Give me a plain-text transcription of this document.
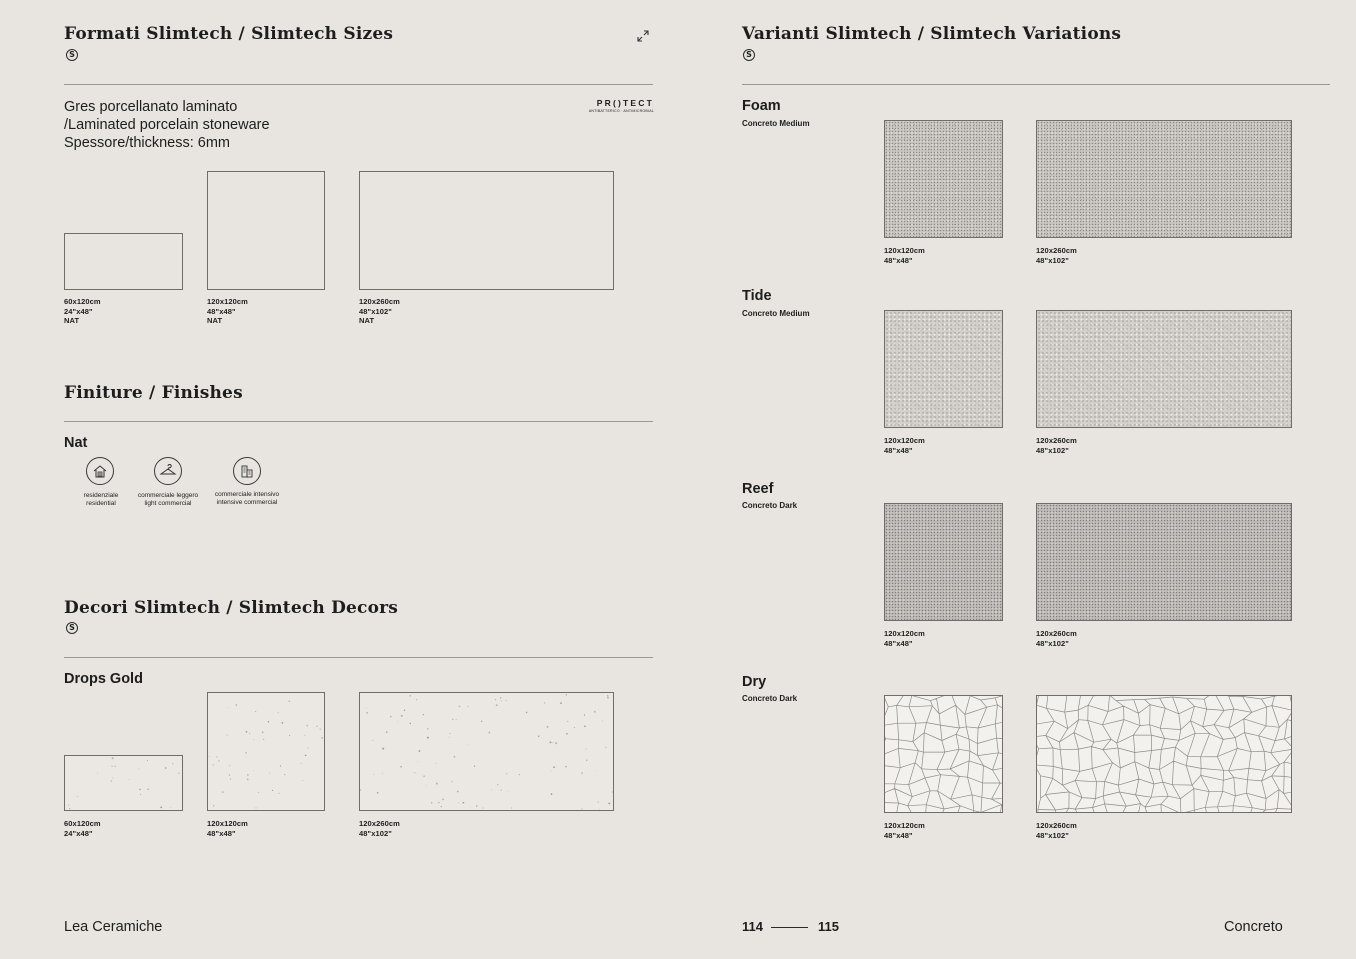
Formati Slimtech / Slimtech Sizes
S
Gres porcellanato laminato
/Laminated porcelain stoneware
Spessore/thickness: 6mm
PR()TECT
ANTIBATTERICO · ANTIMICROBIAL
60x120cm
24"x48"
NAT
120x120cm
48"x48"
NAT
120x260cm
48"x102"
NAT
Finiture / Finishes
Nat
residenziale
residential
commerciale leggero
light commercial
commerciale intensivo
intensive commercial
Decori Slimtech / Slimtech Decors
S
Drops Gold
60x120cm
24"x48"
120x120cm
48"x48"
120x260cm
48"x102"
Lea Ceramiche
Varianti Slimtech / Slimtech Variations
S
Foam
Concreto Medium
120x120cm
48"x48"
120x260cm
48"x102"
Tide
Concreto Medium
120x120cm
48"x48"
120x260cm
48"x102"
Reef
Concreto Dark
120x120cm
48"x48"
120x260cm
48"x102"
Dry
Concreto Dark
120x120cm
48"x48"
120x260cm
48"x102"
114	115	Concreto
